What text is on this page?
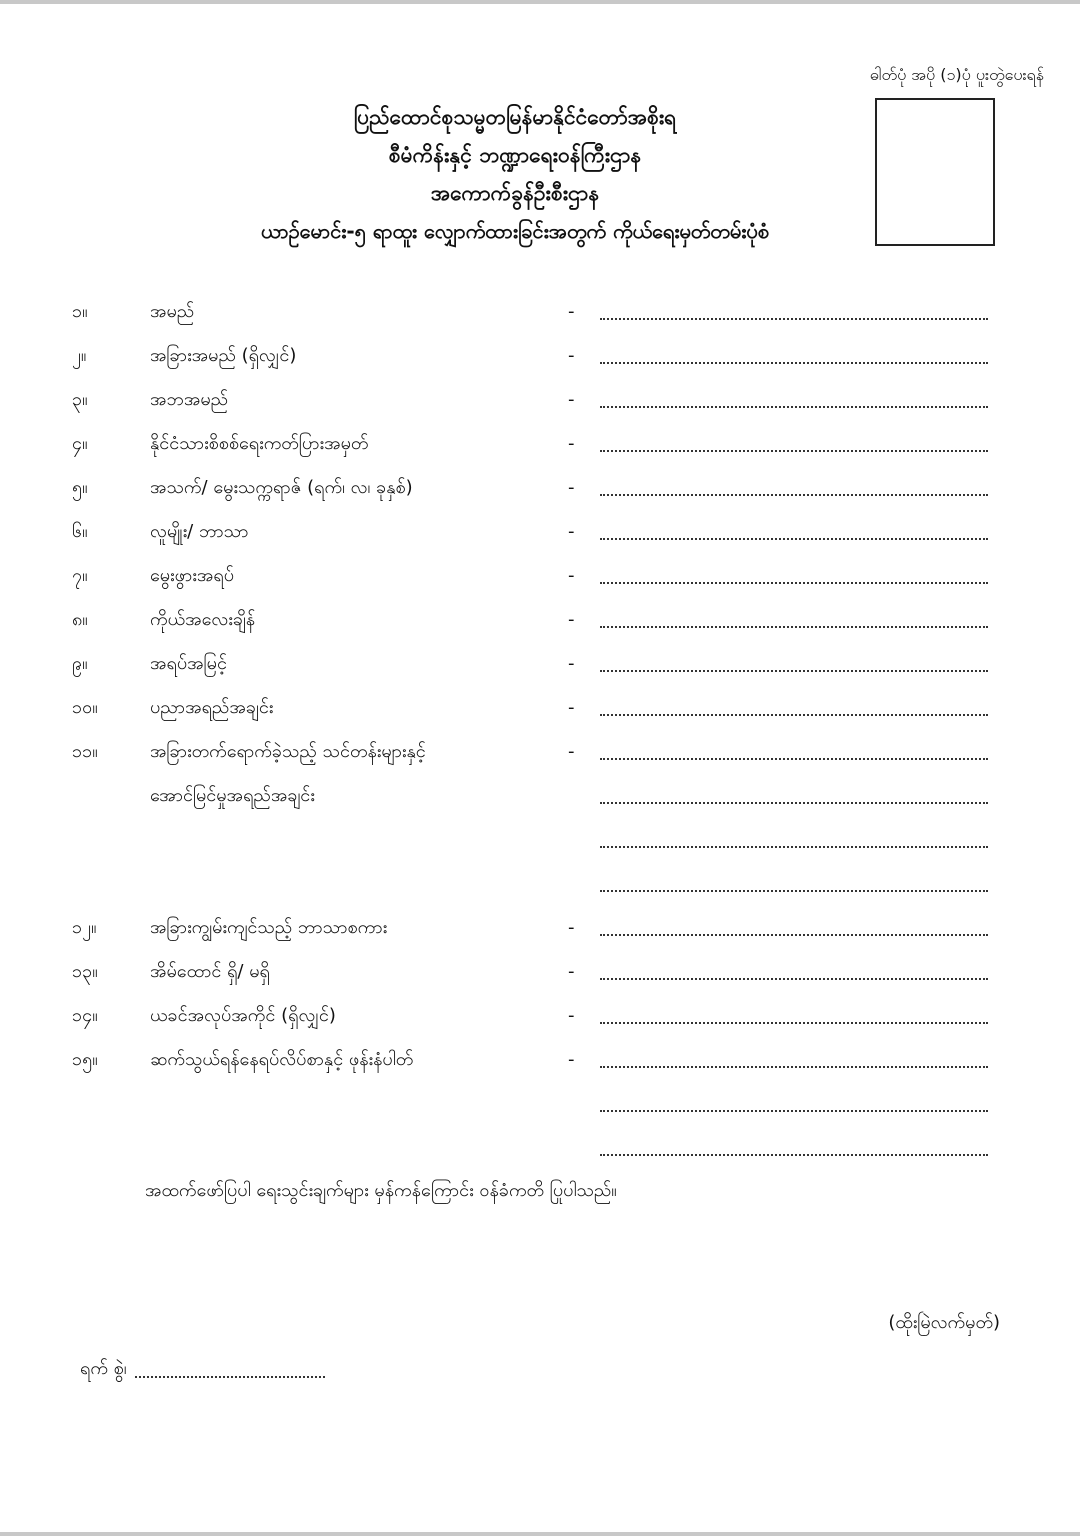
ဓါတ်ပုံ အပို (၁)ပုံ ပူးတွဲပေးရန်
ပြည်ထောင်စုသမ္မတမြန်မာနိုင်ငံတော်အစိုးရ
စီမံကိန်းနှင့် ဘဏ္ဍာရေးဝန်ကြီးဌာန
အကောက်ခွန်ဦးစီးဌာန
ယာဉ်မောင်း-၅ ရာထူး လျှောက်ထားခြင်းအတွက် ကိုယ်ရေးမှတ်တမ်းပုံစံ
၁။	အမည်	-
၂။	အခြားအမည် (ရှိလျှင်)	-
၃။	အဘအမည်	-
၄။	နိုင်ငံသားစိစစ်ရေးကတ်ပြားအမှတ်	-
၅။	အသက်/ မွေးသက္ကရာဇ် (ရက်၊ လ၊ ခုနှစ်)	-
၆။	လူမျိုး/ ဘာသာ	-
၇။	မွေးဖွားအရပ်	-
၈။	ကိုယ်အလေးချိန်	-
၉။	အရပ်အမြင့်	-
၁၀။	ပညာအရည်အချင်း	-
၁၁။	အခြားတက်ရောက်ခဲ့သည့် သင်တန်းများနှင့်	-
အောင်မြင်မှုအရည်အချင်း
၁၂။	အခြားကျွမ်းကျင်သည့် ဘာသာစကား	-
၁၃။	အိမ်ထောင် ရှိ/ မရှိ	-
၁၄။	ယခင်အလုပ်အကိုင် (ရှိလျှင်)	-
၁၅။	ဆက်သွယ်ရန်နေရပ်လိပ်စာနှင့် ဖုန်းနံပါတ်	-
အထက်ဖော်ပြပါ ရေးသွင်းချက်များ မှန်ကန်ကြောင်း ဝန်ခံကတိ ပြုပါသည်။
(ထိုးမြဲလက်မှတ်)
ရက် စွဲ၊
